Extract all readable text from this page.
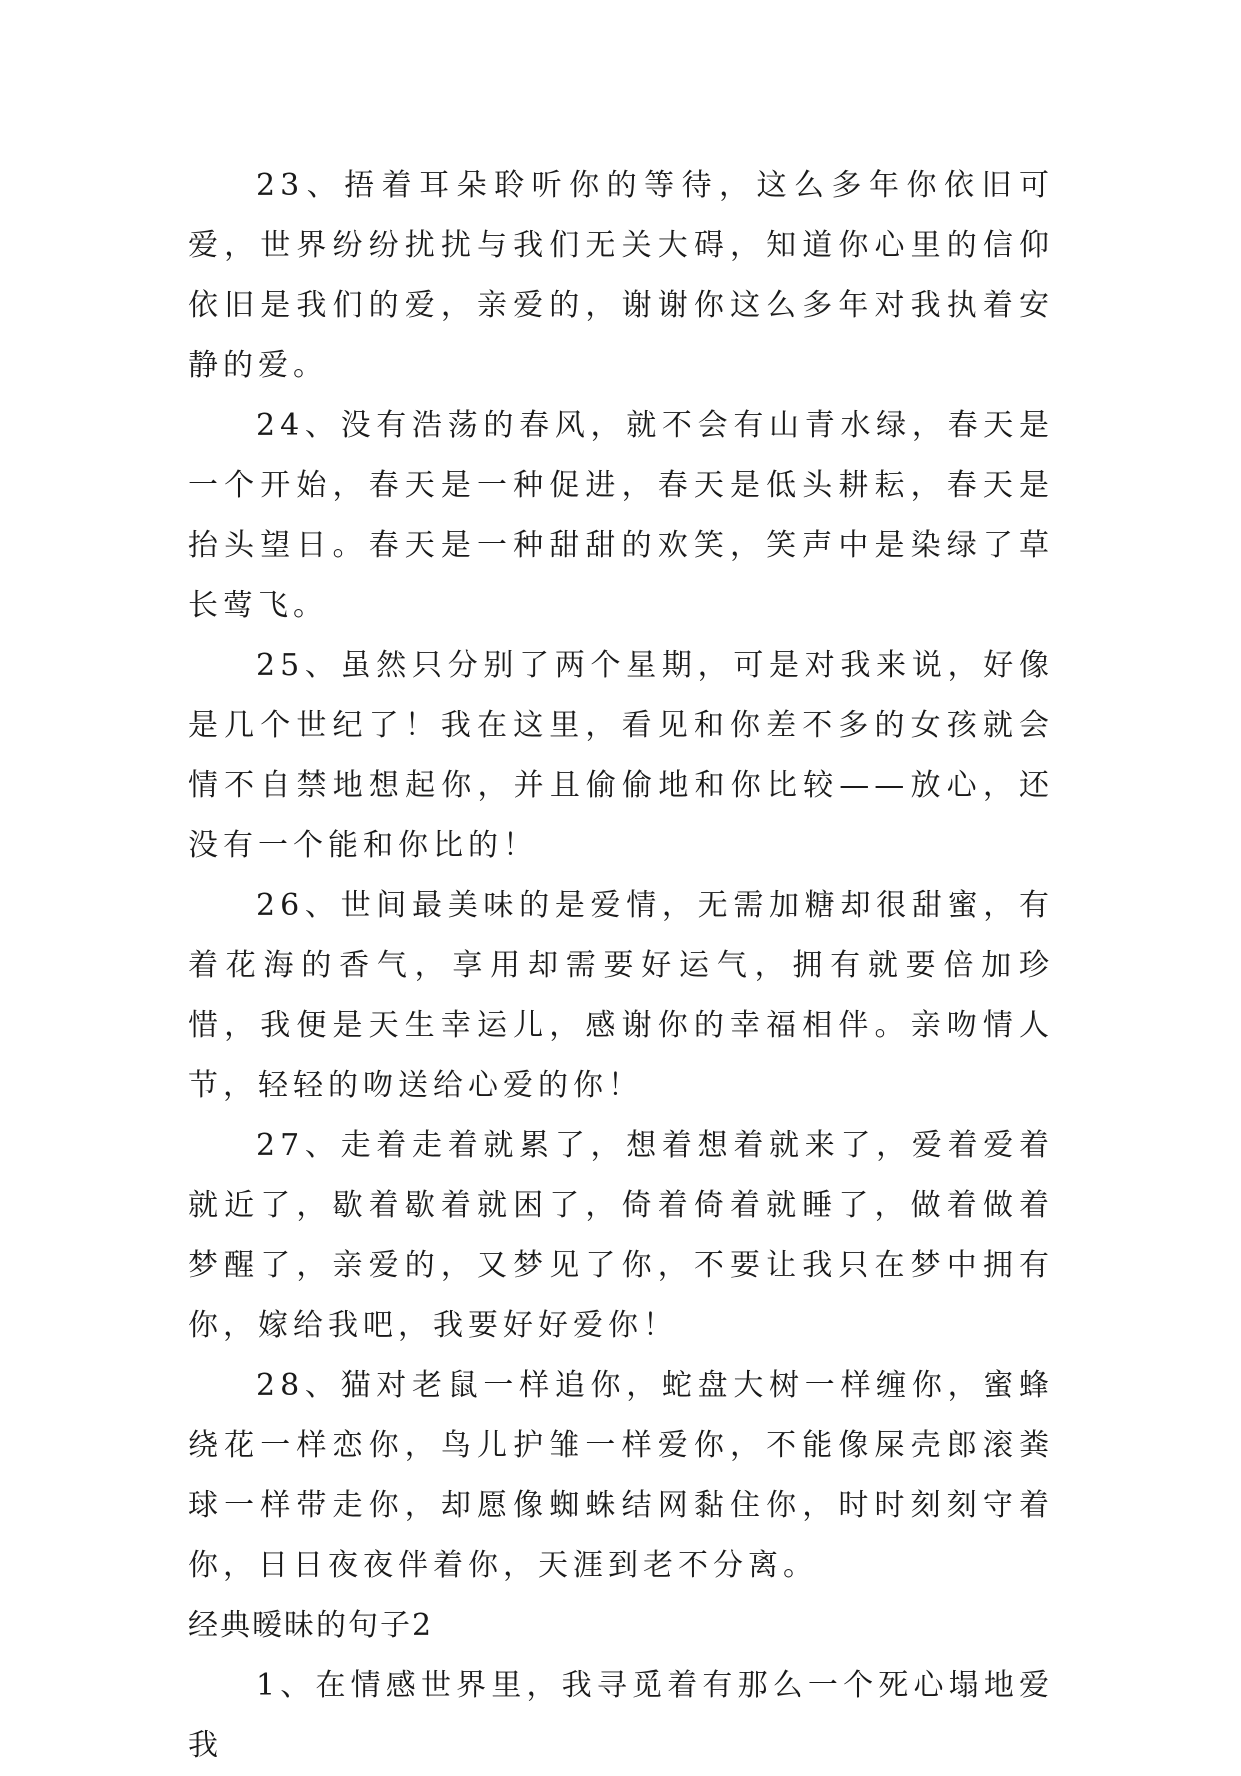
23、捂着耳朵聆听你的等待，这么多年你依旧可爱，世界纷纷扰扰与我们无关大碍，知道你心里的信仰依旧是我们的爱，亲爱的，谢谢你这么多年对我执着安静的爱。

24、没有浩荡的春风，就不会有山青水绿，春天是一个开始，春天是一种促进，春天是低头耕耘，春天是抬头望日。春天是一种甜甜的欢笑，笑声中是染绿了草长莺飞。

25、虽然只分别了两个星期，可是对我来说，好像是几个世纪了！我在这里，看见和你差不多的女孩就会情不自禁地想起你，并且偷偷地和你比较——放心，还没有一个能和你比的！

26、世间最美味的是爱情，无需加糖却很甜蜜，有着花海的香气，享用却需要好运气，拥有就要倍加珍惜，我便是天生幸运儿，感谢你的幸福相伴。亲吻情人节，轻轻的吻送给心爱的你！

27、走着走着就累了，想着想着就来了，爱着爱着就近了，歇着歇着就困了，倚着倚着就睡了，做着做着梦醒了，亲爱的，又梦见了你，不要让我只在梦中拥有你，嫁给我吧，我要好好爱你！

28、猫对老鼠一样追你，蛇盘大树一样缠你，蜜蜂绕花一样恋你，鸟儿护雏一样爱你，不能像屎壳郎滚粪球一样带走你，却愿像蜘蛛结网黏住你，时时刻刻守着你，日日夜夜伴着你，天涯到老不分离。

经典暧昧的句子2

1、在情感世界里，我寻觅着有那么一个死心塌地爱我
